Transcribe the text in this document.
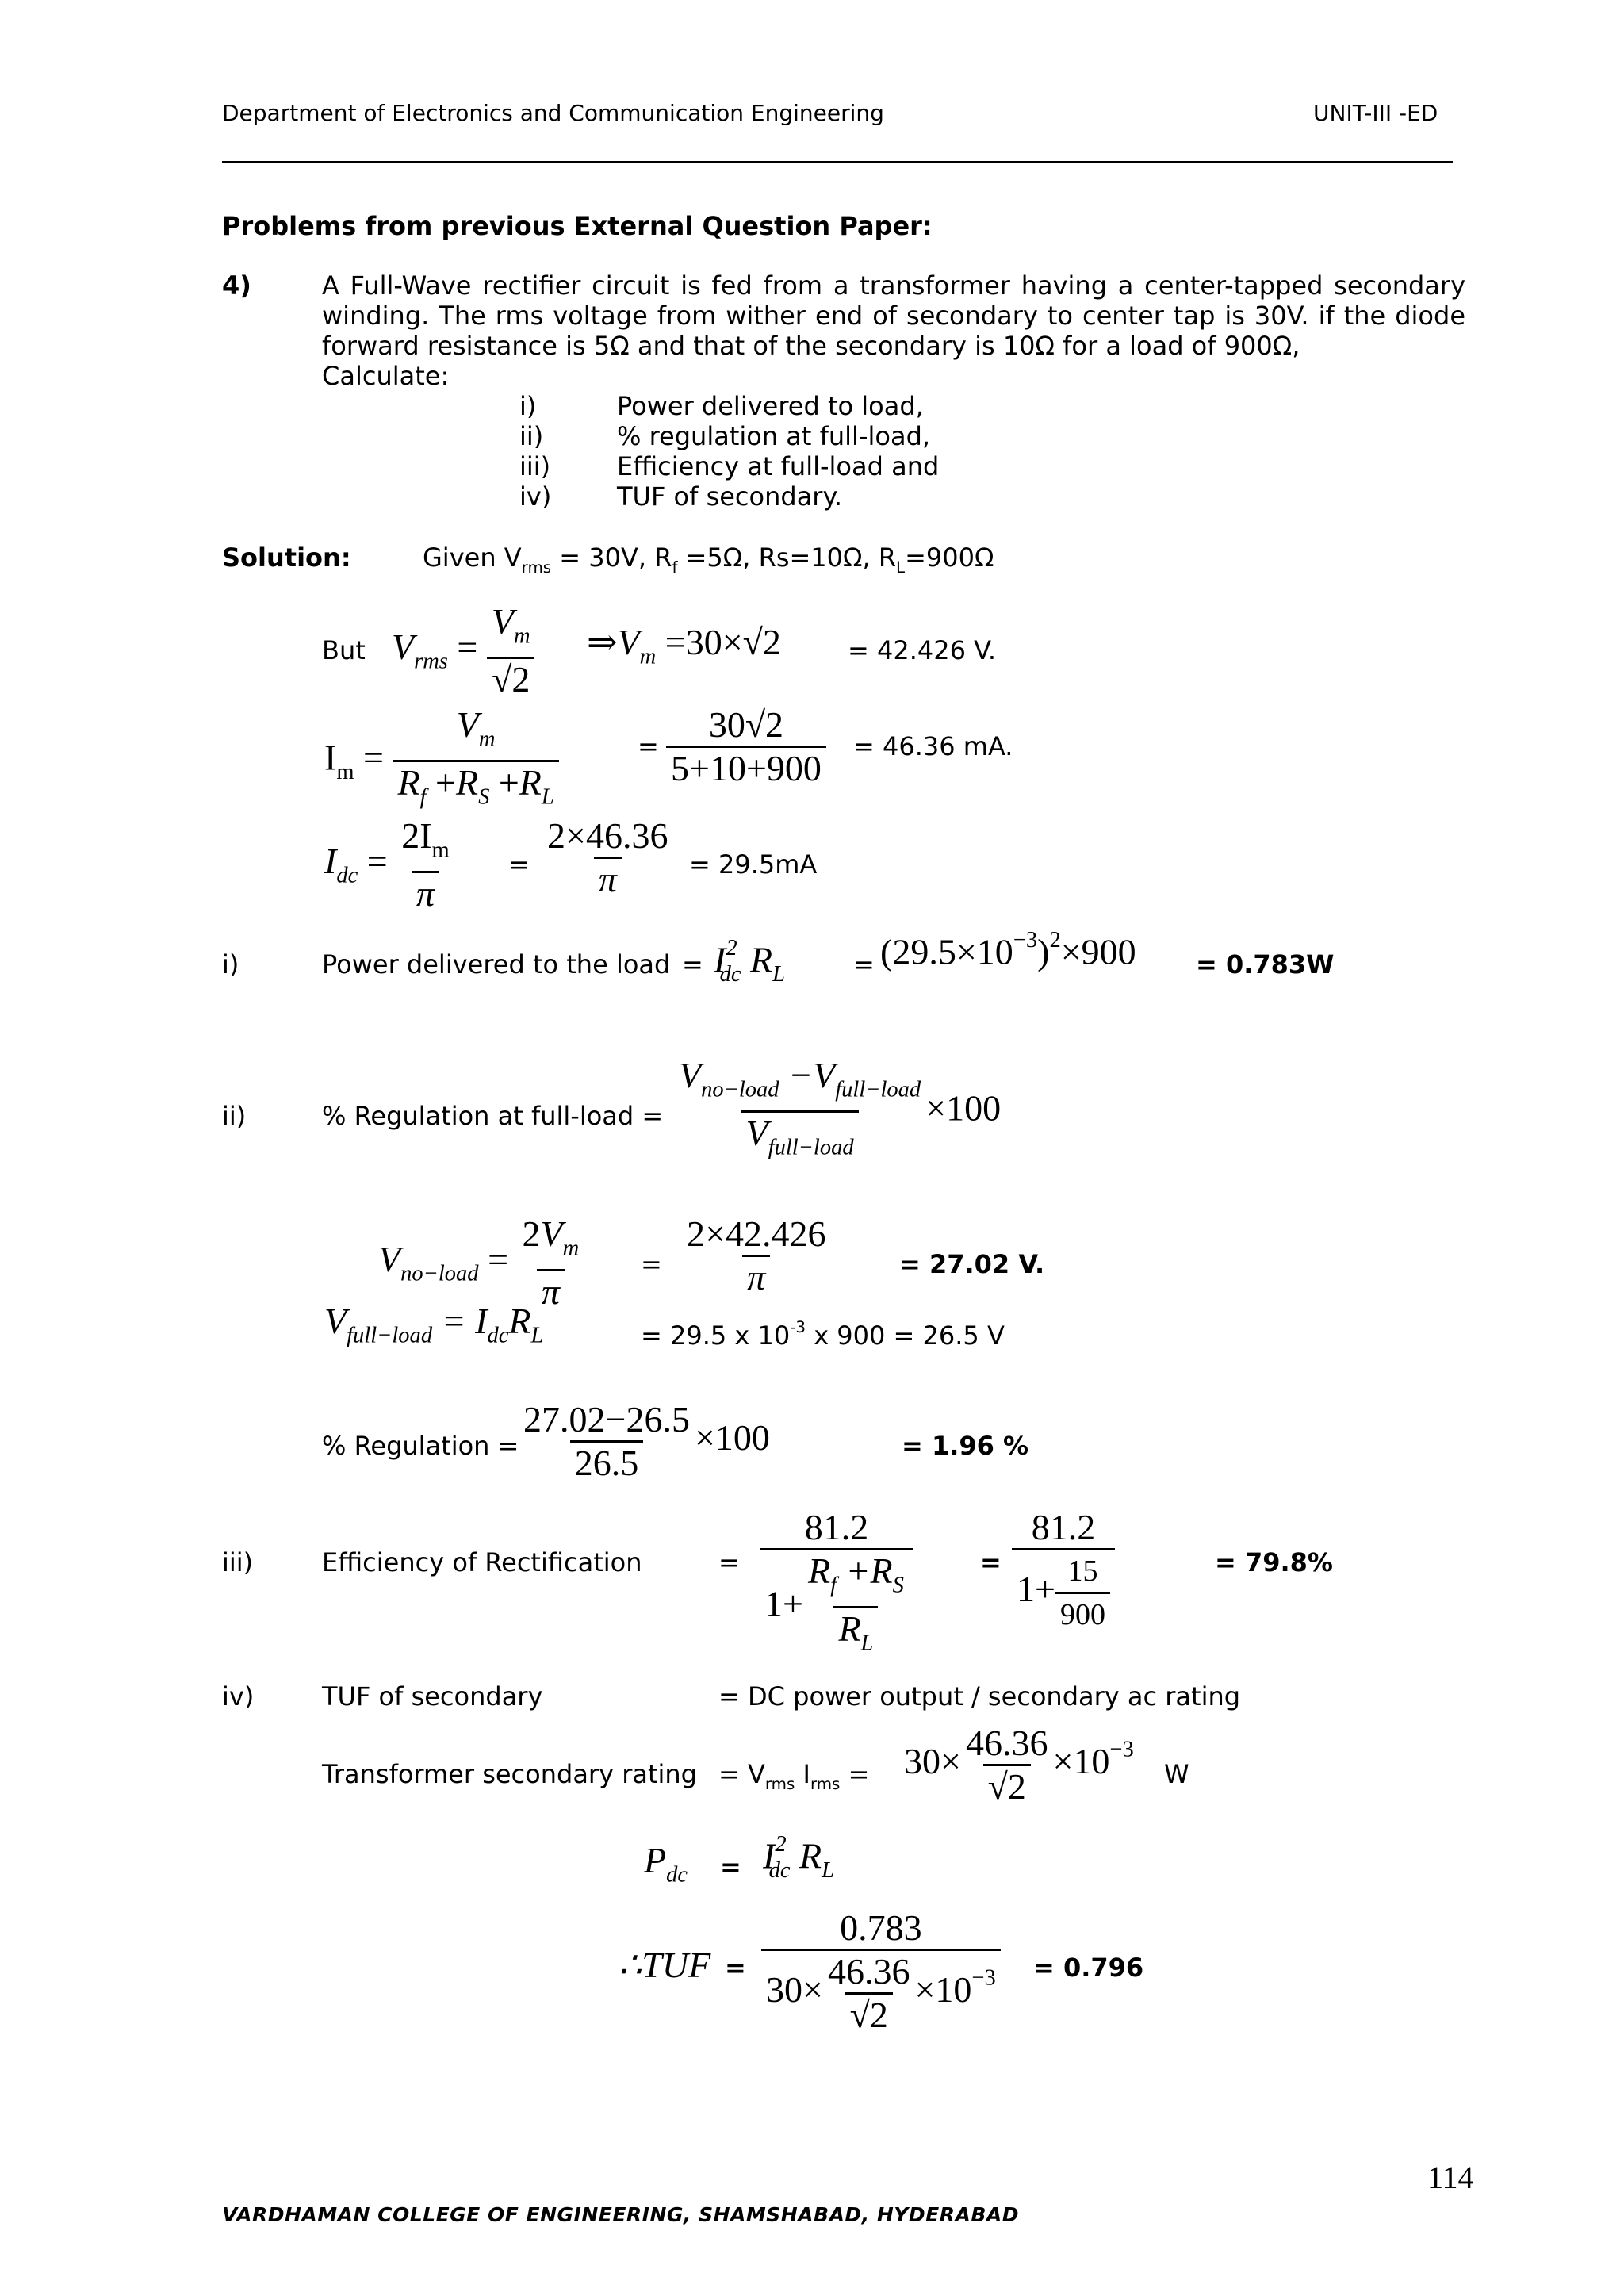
Department of Electronics and Communication Engineering	UNIT-III -ED
Problems from previous External Question Paper:
4)	A Full-Wave rectifier circuit is fed from a transformer having a center-tapped secondary
winding. The rms voltage from wither end of secondary to center tap is 30V. if the diode
forward resistance is 5Ω and that of the secondary is 10Ω for a load of 900Ω,
Calculate:
i)	Power delivered to load,
ii)	% regulation at full-load,
iii)	Efficiency at full-load and
iv)	TUF of secondary.
Solution:	Given $V_{rms} = 30V$, $R_f =5\Omega$, Rs=10Ω, $R_L=900\Omega$
But $V_{rms} = \frac{V_m}{√2}$ $\Rightarrow V_m =30\times√2$	= 42.426 V.
$I_m = \frac{V_m}{R_f +R_S +R_L}$	= $\frac{30√2}{5+10+900} = 46.36$ mA.
$I_{dc} = \frac{2I_m}{\pi} = \frac{2\times 46.36}{\pi} = 29.5mA$
i)	Power delivered to the load = $I^2_{dc}$ $R_L$	= $(29.5\times 10^{-3})^2\times 900 = 0.783W$
ii)	% Regulation at full-load = $\frac{V_{no-load} -V_{full-load}}{V_{full-load}} \times 100$
$V_{no-load} = \frac{2V_m}{\pi} = \frac{2\times 42.426}{\pi}$	= 27.02 V.
$V_{full-load} = I_{dc}R_L$	= 29.5 x $10^{-3}$ x 900 = 26.5 V
% Regulation = $\frac{27.02-26.5}{26.5} \times 100$	= 1.96 %
iii)	Efficiency of Rectification	= $\frac{81.2}{1+ \frac{R_f +R_S}{R_L}}$	= $\frac{81.2}{1+ \frac{15}{900}}$	= 79.8%
iv)	TUF of secondary	= DC power output / secondary ac rating
Transformer secondary rating = $V_{rms}$ $I_{rms} = 30\times \frac{46.36}{√2} \times 10^{-3}$
W
$P_{dc} = I^2_{dc}$ $R_L$
∴TUF = $\frac{0.783}{30\times \frac{46.36}{√2} \times 10^{-3}} = 0.796$
114
VARDHAMAN COLLEGE OF ENGINEERING, SHAMSHABAD, HYDERABAD
